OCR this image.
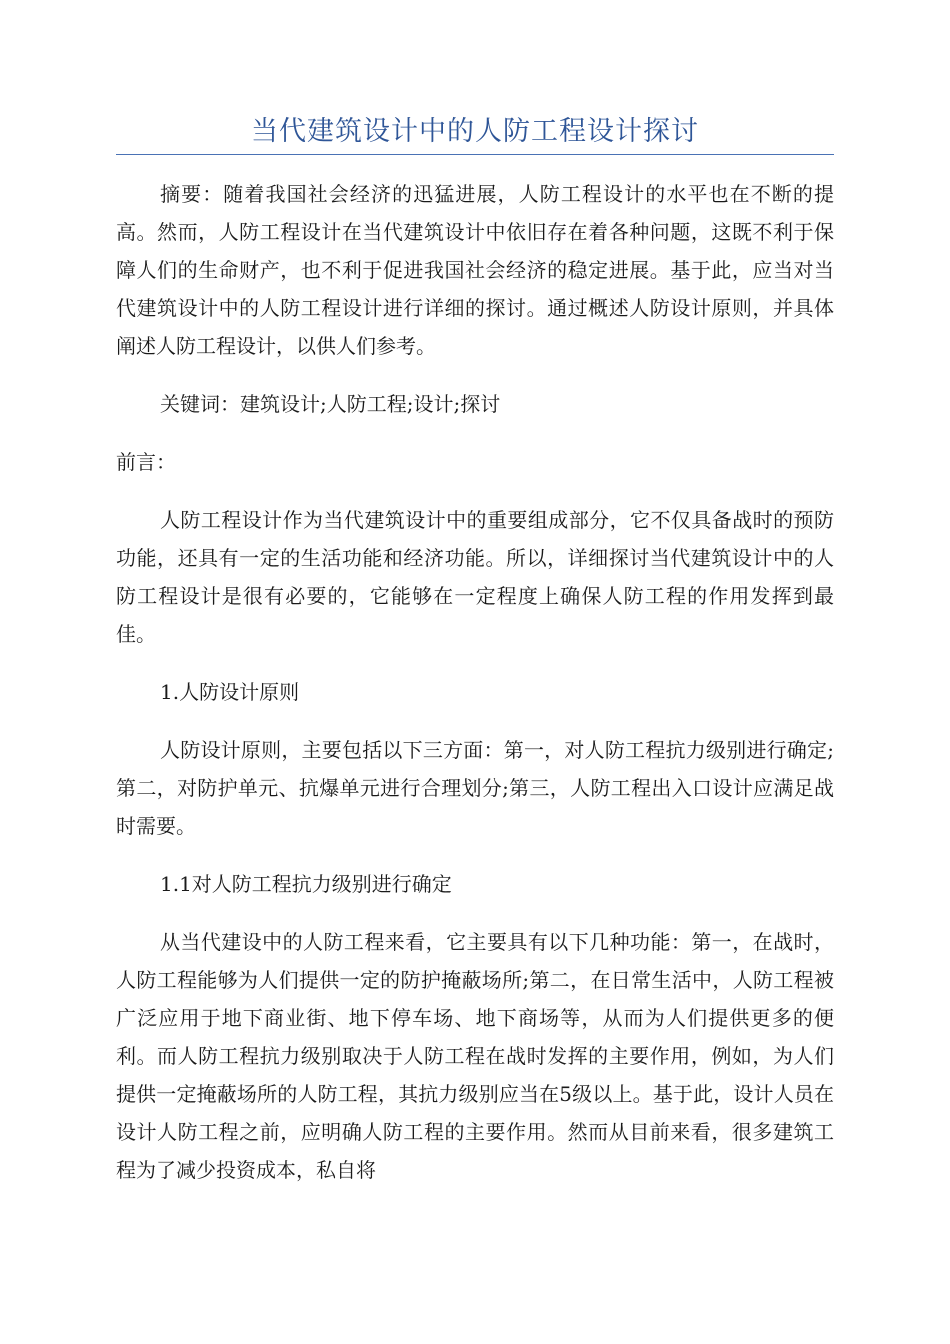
当代建筑设计中的人防工程设计探讨

摘要：随着我国社会经济的迅猛进展，人防工程设计的水平也在不断的提高。然而，人防工程设计在当代建筑设计中依旧存在着各种问题，这既不利于保障人们的生命财产，也不利于促进我国社会经济的稳定进展。基于此，应当对当代建筑设计中的人防工程设计进行详细的探讨。通过概述人防设计原则，并具体阐述人防工程设计，以供人们参考。

关键词：建筑设计;人防工程;设计;探讨

前言：

人防工程设计作为当代建筑设计中的重要组成部分，它不仅具备战时的预防功能，还具有一定的生活功能和经济功能。所以，详细探讨当代建筑设计中的人防工程设计是很有必要的，它能够在一定程度上确保人防工程的作用发挥到最佳。

1.人防设计原则

人防设计原则，主要包括以下三方面：第一，对人防工程抗力级别进行确定;第二，对防护单元、抗爆单元进行合理划分;第三，人防工程出入口设计应满足战时需要。

1.1对人防工程抗力级别进行确定

从当代建设中的人防工程来看，它主要具有以下几种功能：第一，在战时，人防工程能够为人们提供一定的防护掩蔽场所;第二，在日常生活中，人防工程被广泛应用于地下商业街、地下停车场、地下商场等，从而为人们提供更多的便利。而人防工程抗力级别取决于人防工程在战时发挥的主要作用，例如，为人们提供一定掩蔽场所的人防工程，其抗力级别应当在5级以上。基于此，设计人员在设计人防工程之前，应明确人防工程的主要作用。然而从目前来看，很多建筑工程为了减少投资成本，私自将
